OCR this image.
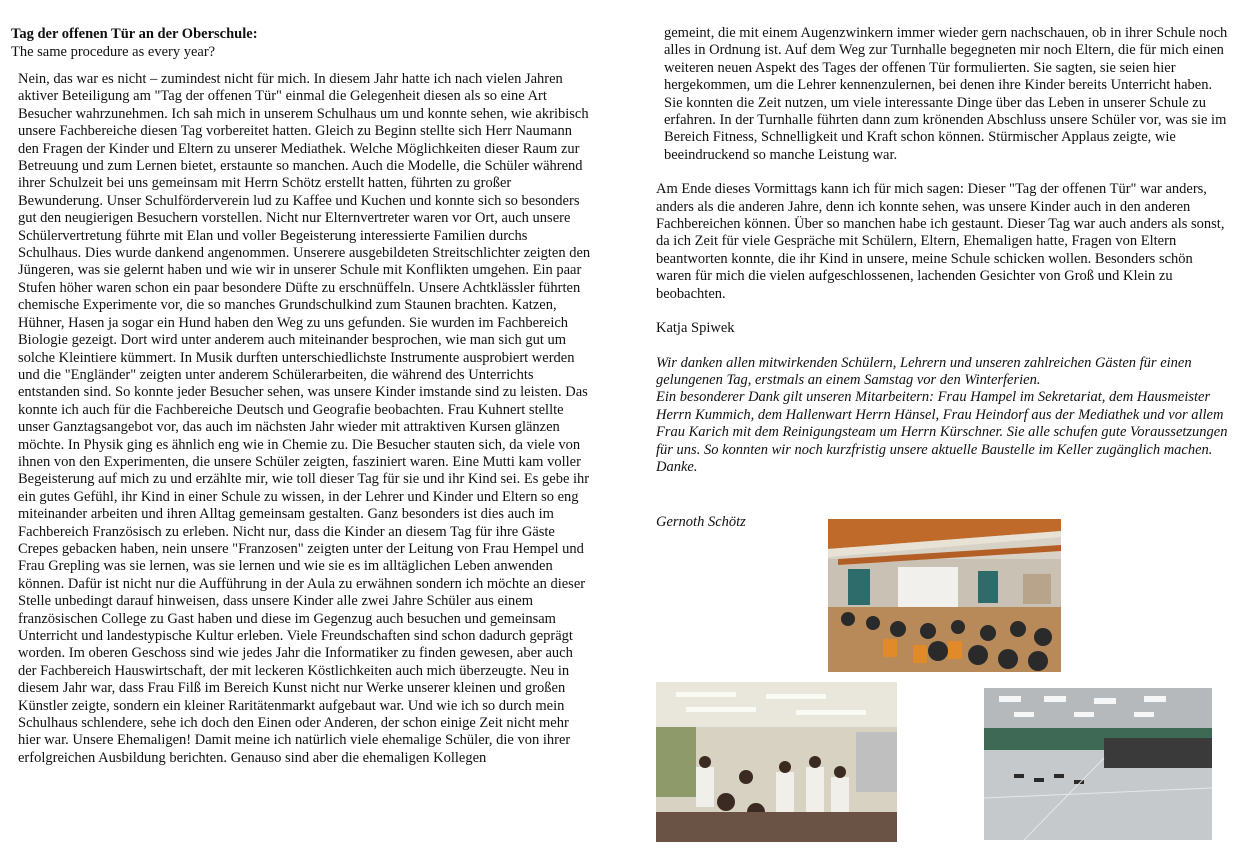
Tag der offenen Tür an der Oberschule:

The same procedure as every year?

Nein, das war es nicht – zumindest nicht für mich. In diesem Jahr hatte ich nach vielen Jahren aktiver Beteiligung am "Tag der offenen Tür" einmal die Gelegenheit diesen als so eine Art Besucher wahrzunehmen. Ich sah mich in unserem Schulhaus um und konnte sehen, wie akribisch unsere Fachbereiche diesen Tag vorbereitet hatten. Gleich zu Beginn stellte sich Herr Naumann den Fragen der Kinder und Eltern zu unserer Mediathek. Welche Möglichkeiten dieser Raum zur Betreuung und zum Lernen bietet, erstaunte so manchen. Auch die Modelle, die Schüler während ihrer Schulzeit bei uns gemeinsam mit Herrn Schötz erstellt hatten, führten zu großer Bewunderung. Unser Schulförderverein lud zu Kaffee und Kuchen und konnte sich so besonders gut den neugierigen Besuchern vorstellen. Nicht nur Elternvertreter waren vor Ort, auch unsere Schülervertretung führte mit Elan und voller Begeisterung interessierte Familien durchs Schulhaus. Dies wurde dankend angenommen. Unserere ausgebildeten Streitschlichter zeigten den Jüngeren, was sie gelernt haben und wie wir in unserer Schule mit Konflikten umgehen. Ein paar Stufen höher waren schon ein paar besondere Düfte zu erschnüffeln. Unsere Achtklässler führten chemische Experimente vor, die so manches Grundschulkind zum Staunen brachten. Katzen, Hühner, Hasen ja sogar ein Hund haben den Weg zu uns gefunden. Sie wurden im Fachbereich Biologie gezeigt. Dort wird unter anderem auch miteinander besprochen, wie man sich gut um solche Kleintiere kümmert. In Musik durften unterschiedlichste Instrumente ausprobiert werden und die "Engländer" zeigten unter anderem Schülerarbeiten, die während des Unterrichts entstanden sind. So konnte jeder Besucher sehen, was unsere Kinder imstande sind zu leisten. Das konnte ich auch für die Fachbereiche Deutsch und Geografie beobachten. Frau Kuhnert stellte unser Ganztagsangebot vor, das auch im nächsten Jahr wieder mit attraktiven Kursen glänzen möchte. In Physik ging es ähnlich eng wie in Chemie zu. Die Besucher stauten sich, da viele von ihnen von den Experimenten, die unsere Schüler zeigten, fasziniert waren. Eine Mutti kam voller Begeisterung auf mich zu und erzählte mir, wie toll dieser Tag für sie und ihr Kind sei. Es gebe ihr ein gutes Gefühl, ihr Kind in einer Schule zu wissen, in der Lehrer und Kinder und Eltern so eng miteinander arbeiten und ihren Alltag gemeinsam gestalten. Ganz besonders ist dies auch im Fachbereich Französisch zu erleben. Nicht nur, dass die Kinder an diesem Tag für ihre Gäste Crepes gebacken haben, nein unsere "Franzosen" zeigten unter der Leitung von Frau Hempel und Frau Grepling was sie lernen, was sie lernen und wie sie es im alltäglichen Leben anwenden können. Dafür ist nicht nur die Aufführung in der Aula zu erwähnen sondern ich möchte an dieser Stelle unbedingt darauf hinweisen, dass unsere Kinder alle zwei Jahre Schüler aus einem französischen College zu Gast haben und diese im Gegenzug auch besuchen und gemeinsam Unterricht und landestypische Kultur erleben. Viele Freundschaften sind schon dadurch geprägt worden. Im oberen Geschoss sind wie jedes Jahr die Informatiker zu finden gewesen, aber auch der Fachbereich Hauswirtschaft, der mit leckeren Köstlichkeiten auch mich überzeugte. Neu in diesem Jahr war, dass Frau Filß im Bereich Kunst nicht nur Werke unserer kleinen und großen Künstler zeigte, sondern ein kleiner Raritätenmarkt aufgebaut war. Und wie ich so durch mein Schulhaus schlendere, sehe ich doch den Einen oder Anderen, der schon einige Zeit nicht mehr hier war. Unsere Ehemaligen! Damit meine ich natürlich viele ehemalige Schüler, die von ihrer erfolgreichen Ausbildung berichten. Genauso sind aber die ehemaligen Kollegen

gemeint, die mit einem Augenzwinkern immer wieder gern nachschauen, ob in ihrer Schule noch alles in Ordnung ist. Auf dem Weg zur Turnhalle begegneten mir noch Eltern, die für mich einen weiteren neuen Aspekt des Tages der offenen Tür formulierten. Sie sagten, sie seien hier hergekommen, um die Lehrer kennenzulernen, bei denen ihre Kinder bereits Unterricht haben. Sie konnten die Zeit nutzen, um viele interessante Dinge über das Leben in unserer Schule zu erfahren. In der Turnhalle führten dann zum krönenden Abschluss unsere Schüler vor, was sie im Bereich Fitness, Schnelligkeit und Kraft schon können. Stürmischer Applaus zeigte, wie beeindruckend so manche Leistung war.

Am Ende dieses Vormittags kann ich für mich sagen: Dieser "Tag der offenen Tür" war anders, anders als die anderen Jahre, denn ich konnte sehen, was unsere Kinder auch in den anderen Fachbereichen können. Über so manchen habe ich gestaunt. Dieser Tag war auch anders als sonst, da ich Zeit für viele Gespräche mit Schülern, Eltern, Ehemaligen hatte, Fragen von Eltern beantworten konnte, die ihr Kind in unsere, meine Schule schicken wollen. Besonders schön waren für mich die vielen aufgeschlossenen, lachenden Gesichter von Groß und Klein zu beobachten.

Katja Spiwek

Wir danken allen mitwirkenden Schülern, Lehrern und unseren zahlreichen Gästen für einen gelungenen Tag, erstmals an einem Samstag vor den Winterferien.
Ein besonderer Dank gilt unseren Mitarbeitern: Frau Hampel im Sekretariat, dem Hausmeister Herrn Kummich, dem Hallenwart Herrn Hänsel, Frau Heindorf aus der Mediathek und vor allem Frau Karich mit dem Reinigungsteam um Herrn Kürschner. Sie alle schufen gute Voraussetzungen für uns. So konnten wir noch kurzfristig unsere aktuelle Baustelle im Keller zugänglich machen.
Danke.

Gernoth Schötz
